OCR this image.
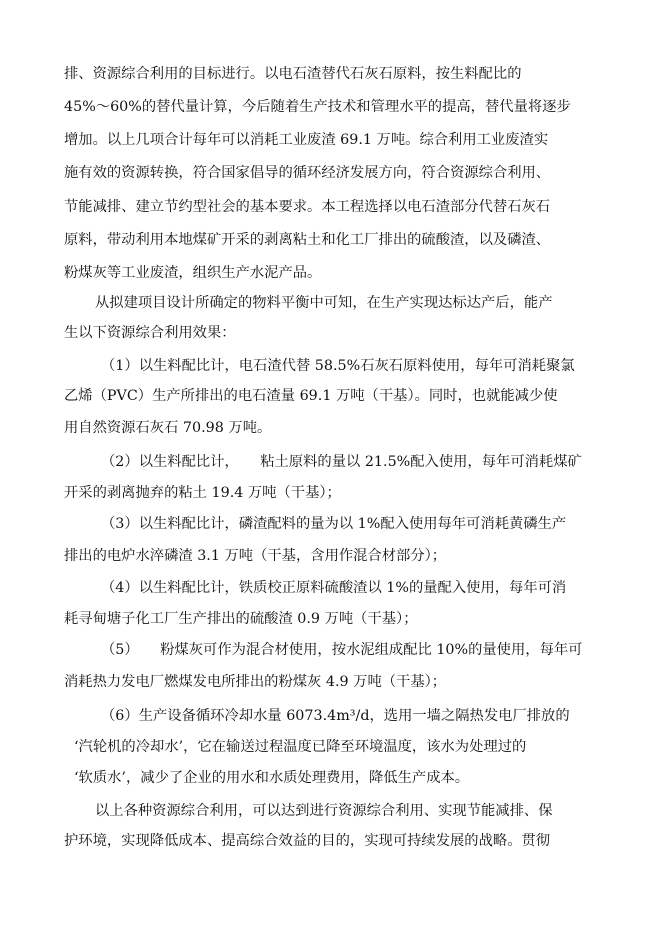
排、资源综合利用的目标进行。以电石渣替代石灰石原料，按生料配比的
45%～60%的替代量计算，今后随着生产技术和管理水平的提高，替代量将逐步
增加。以上几项合计每年可以消耗工业废渣 69.1 万吨。综合利用工业废渣实
施有效的资源转换，符合国家倡导的循环经济发展方向，符合资源综合利用、
节能减排、建立节约型社会的基本要求。本工程选择以电石渣部分代替石灰石
原料，带动利用本地煤矿开采的剥离粘土和化工厂排出的硫酸渣，以及磷渣、
粉煤灰等工业废渣，组织生产水泥产品。
从拟建项目设计所确定的物料平衡中可知，在生产实现达标达产后，能产
生以下资源综合利用效果：
（1）以生料配比计，电石渣代替 58.5%石灰石原料使用，每年可消耗聚氯
乙烯（PVC）生产所排出的电石渣量 69.1 万吨（干基）。同时，也就能减少使
用自然资源石灰石 70.98 万吨。
（2）以生料配比计，　　粘土原料的量以 21.5%配入使用，每年可消耗煤矿
开采的剥离抛弃的粘土 19.4 万吨（干基）；
（3）以生料配比计，磷渣配料的量为以 1%配入使用每年可消耗黄磷生产
排出的电炉水淬磷渣 3.1 万吨（干基，含用作混合材部分）；
（4）以生料配比计，铁质校正原料硫酸渣以 1%的量配入使用，每年可消
耗寻甸塘子化工厂生产排出的硫酸渣 0.9 万吨（干基）；
（5）　　粉煤灰可作为混合材使用，按水泥组成配比 10%的量使用，每年可
消耗热力发电厂燃煤发电所排出的粉煤灰 4.9 万吨（干基）；
（6）生产设备循环冷却水量 6073.4m³/d，选用一墙之隔热发电厂排放的
‘汽轮机的冷却水’，它在输送过程温度已降至环境温度，该水为处理过的
‘软质水’，减少了企业的用水和水质处理费用，降低生产成本。
以上各种资源综合利用，可以达到进行资源综合利用、实现节能减排、保
护环境，实现降低成本、提高综合效益的目的，实现可持续发展的战略。贯彻
